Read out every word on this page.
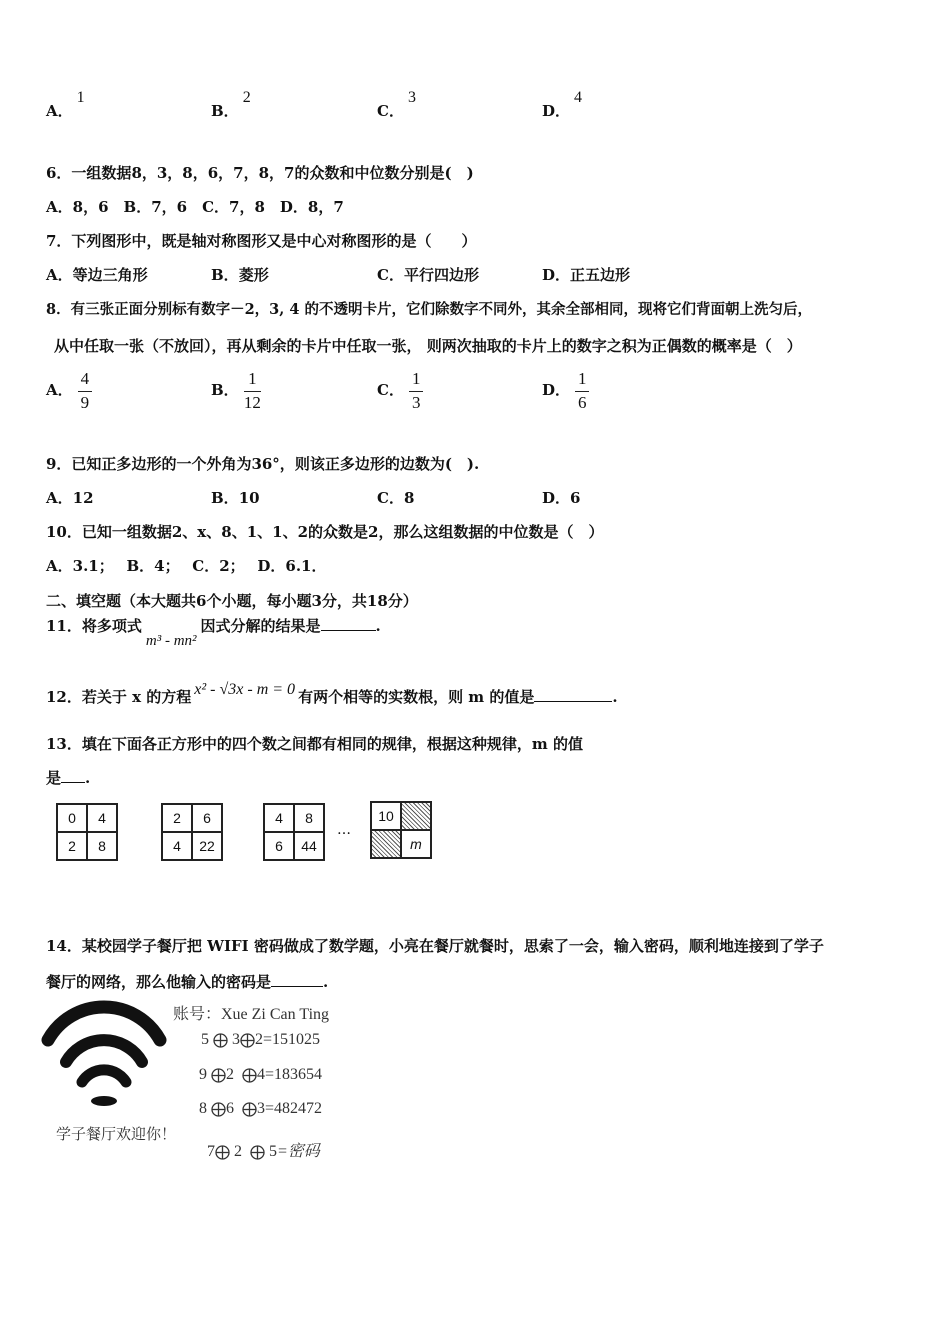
A．1
B．2
C．3
D．4
6．一组数据8，3，8，6，7，8，7的众数和中位数分别是(　)
A．8，6　B．7，6　C．7，8　D．8，7
7．下列图形中，既是轴对称图形又是中心对称图形的是（　　）
A．等边三角形	B．菱形	C．平行四边形	D．正五边形
8．有三张正面分别标有数字－2，3, 4 的不透明卡片，它们除数字不同外，其余全部相同，现将它们背面朝上洗匀后，
从中任取一张（不放回），再从剩余的卡片中任取一张， 则两次抽取的卡片上的数字之积为正偶数的概率是（　）
A． $\frac{4}{9}$	B． $\frac{1}{12}$	C． $\frac{1}{3}$	D． $\frac{1}{6}$
9．已知正多边形的一个外角为36°，则该正多边形的边数为(　).
A．12	B．10	C．8	D．6
10．已知一组数据2、x、8、1、1、2的众数是2，那么这组数据的中位数是（　）
A．3.1；　 B．4；　 C．2；　 D．6.1．
二、填空题（本大题共6个小题，每小题3分，共18分）
11．将多项式m³ - mn²因式分解的结果是	.
12．若关于 x 的方程 x² - √3x - m = 0 有两个相等的实数根，则 m 的值是	.
13．填在下面各正方形中的四个数之间都有相同的规律，根据这种规律，m 的值
是 .
0	4
2	8
2	6
4	22
4	8
6	44
…
10
m
14．某校园学子餐厅把 WIFI 密码做成了数学题，小亮在餐厅就餐时，思索了一会，输入密码，顺利地连接到了学子
餐厅的网络，那么他输入的密码是	.
学子餐厅欢迎你！
账号：Xue Zi Can Ting
5 3 2=151025
9 2 4=183654
8 6 3=482472
7 2 5=密码
